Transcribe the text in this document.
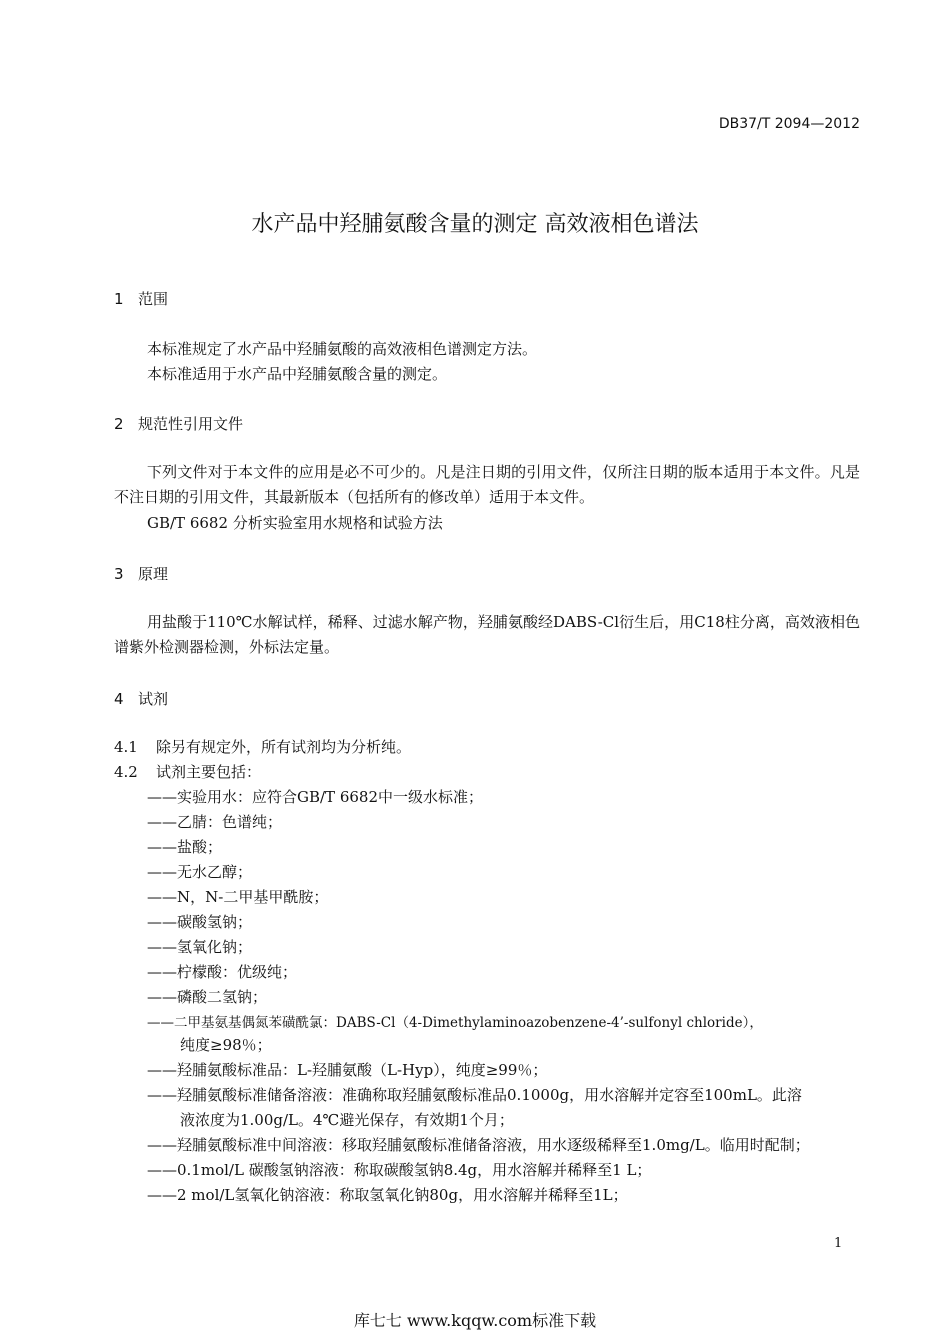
DB37/T 2094—2012
水产品中羟脯氨酸含量的测定 高效液相色谱法
1 范围
本标准规定了水产品中羟脯氨酸的高效液相色谱测定方法。
本标准适用于水产品中羟脯氨酸含量的测定。
2 规范性引用文件
下列文件对于本文件的应用是必不可少的。凡是注日期的引用文件，仅所注日期的版本适用于本文件。凡是不注日期的引用文件，其最新版本（包括所有的修改单）适用于本文件。
GB/T 6682 分析实验室用水规格和试验方法
3 原理
用盐酸于110℃水解试样，稀释、过滤水解产物，羟脯氨酸经DABS-Cl衍生后，用C18柱分离，高效液相色谱紫外检测器检测，外标法定量。
4 试剂
4.1 除另有规定外，所有试剂均为分析纯。
4.2 试剂主要包括：
——实验用水：应符合GB/T 6682中一级水标准；
——乙腈：色谱纯；
——盐酸；
——无水乙醇；
——N，N-二甲基甲酰胺；
——碳酸氢钠；
——氢氧化钠；
——柠檬酸：优级纯；
——磷酸二氢钠；
——二甲基氨基偶氮苯磺酰氯：DABS-Cl（4-Dimethylaminoazobenzene-4’-sulfonyl chloride），
纯度≥98％；
——羟脯氨酸标准品：L-羟脯氨酸（L-Hyp），纯度≥99％；
——羟脯氨酸标准储备溶液：准确称取羟脯氨酸标准品0.1000g，用水溶解并定容至100mL。此溶
液浓度为1.00g/L。4℃避光保存，有效期1个月；
——羟脯氨酸标准中间溶液：移取羟脯氨酸标准储备溶液，用水逐级稀释至1.0mg/L。临用时配制；
——0.1mol/L 碳酸氢钠溶液：称取碳酸氢钠8.4g，用水溶解并稀释至1 L；
——2 mol/L氢氧化钠溶液：称取氢氧化钠80g，用水溶解并稀释至1L；
1
库七七 www.kqqw.com标准下载
